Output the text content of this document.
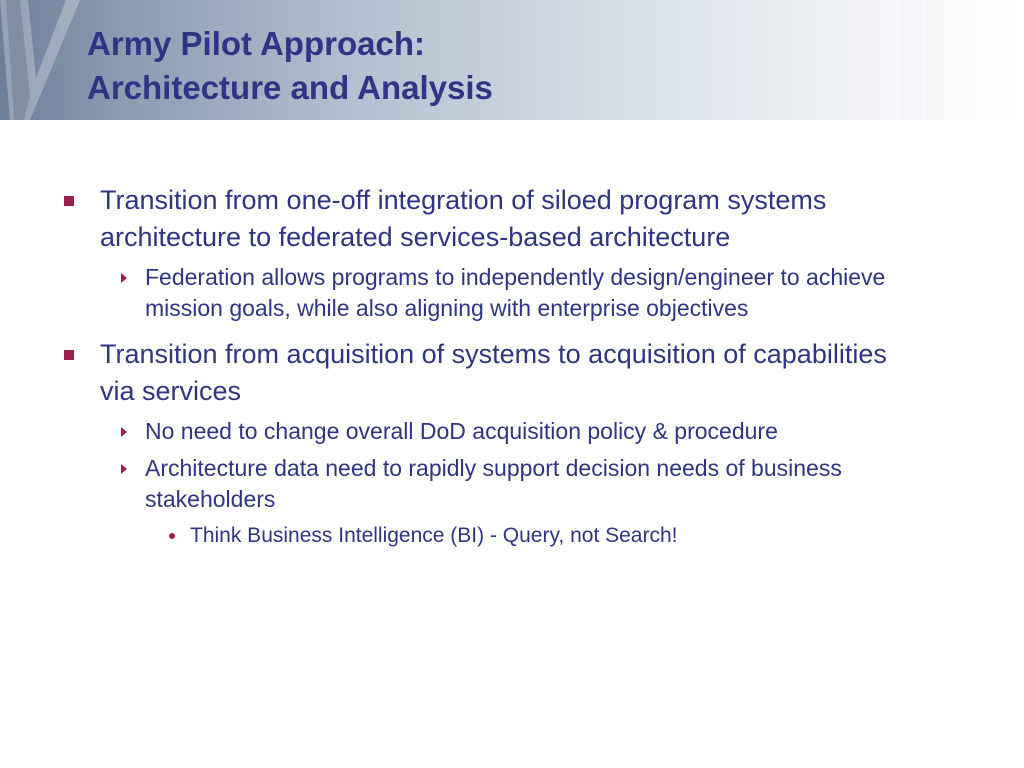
Army Pilot Approach:
Architecture and Analysis
Transition from one-off integration of siloed program systems architecture to federated services-based architecture
Federation allows programs to independently design/engineer to achieve mission goals, while also aligning with enterprise objectives
Transition from acquisition of systems to acquisition of capabilities via services
No need to change overall DoD acquisition policy & procedure
Architecture data need to rapidly support decision needs of business stakeholders
Think Business Intelligence (BI) - Query, not Search!
